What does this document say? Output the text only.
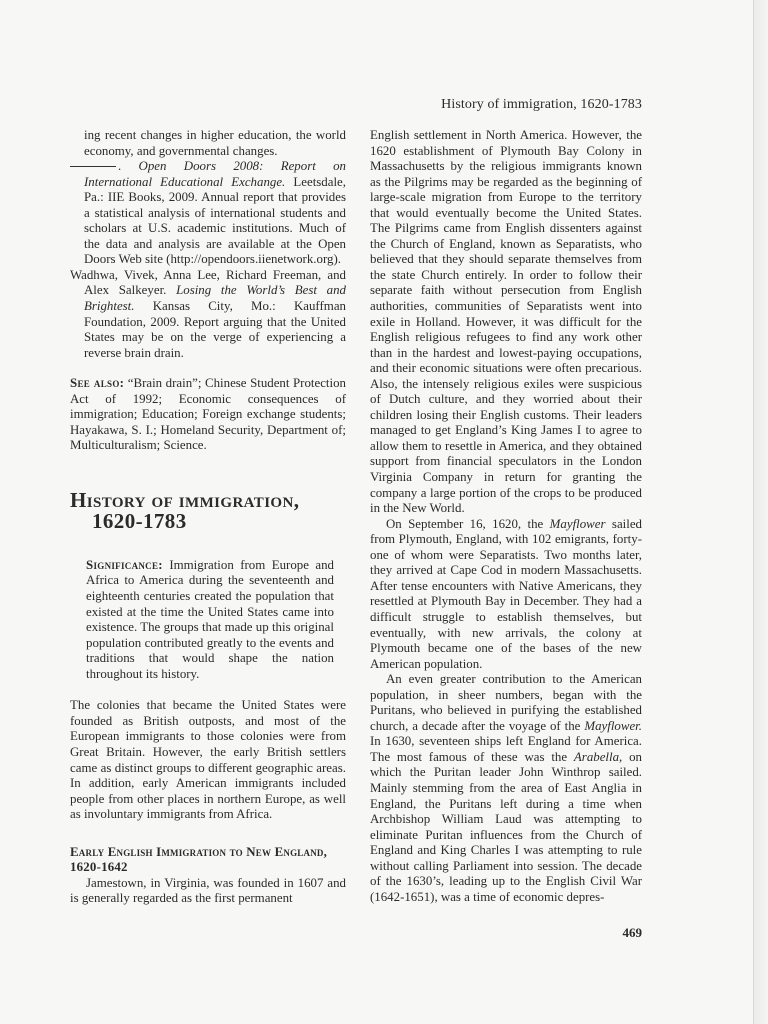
History of immigration, 1620-1783

ing recent changes in higher education, the world economy, and governmental changes.

. Open Doors 2008: Report on International Educational Exchange. Leetsdale, Pa.: IIE Books, 2009. Annual report that provides a statistical analysis of international students and scholars at U.S. academic institutions. Much of the data and analysis are available at the Open Doors Web site (http://opendoors.iienetwork.org).

Wadhwa, Vivek, Anna Lee, Richard Freeman, and Alex Salkeyer. Losing the World’s Best and Brightest. Kansas City, Mo.: Kauffman Foundation, 2009. Report arguing that the United States may be on the verge of experiencing a reverse brain drain.

See also: “Brain drain”; Chinese Student Protection Act of 1992; Economic consequences of immigration; Education; Foreign exchange students; Hayakawa, S. I.; Homeland Security, Department of; Multiculturalism; Science.

History of immigration,
1620-1783

Significance: Immigration from Europe and Africa to America during the seventeenth and eighteenth centuries created the population that existed at the time the United States came into existence. The groups that made up this original population contributed greatly to the events and traditions that would shape the nation throughout its history.

The colonies that became the United States were founded as British outposts, and most of the European immigrants to those colonies were from Great Britain. However, the early British settlers came as distinct groups to different geographic areas. In addition, early American immigrants included people from other places in northern Europe, as well as involuntary immigrants from Africa.

Early English Immigration to New England, 1620-1642

Jamestown, in Virginia, was founded in 1607 and is generally regarded as the first permanent

English settlement in North America. However, the 1620 establishment of Plymouth Bay Colony in Massachusetts by the religious immigrants known as the Pilgrims may be regarded as the beginning of large-scale migration from Europe to the territory that would eventually become the United States. The Pilgrims came from English dissenters against the Church of England, known as Separatists, who believed that they should separate themselves from the state Church entirely. In order to follow their separate faith without persecution from English authorities, communities of Separatists went into exile in Holland. However, it was difficult for the English religious refugees to find any work other than in the hardest and lowest-paying occupations, and their economic situations were often precarious. Also, the intensely religious exiles were suspicious of Dutch culture, and they worried about their children losing their English customs. Their leaders managed to get England’s King James I to agree to allow them to resettle in America, and they obtained support from financial speculators in the London Virginia Company in return for granting the company a large portion of the crops to be produced in the New World.

On September 16, 1620, the Mayflower sailed from Plymouth, England, with 102 emigrants, forty-one of whom were Separatists. Two months later, they arrived at Cape Cod in modern Massachusetts. After tense encounters with Native Americans, they resettled at Plymouth Bay in December. They had a difficult struggle to establish themselves, but eventually, with new arrivals, the colony at Plymouth became one of the bases of the new American population.

An even greater contribution to the American population, in sheer numbers, began with the Puritans, who believed in purifying the established church, a decade after the voyage of the Mayflower. In 1630, seventeen ships left England for America. The most famous of these was the Arabella, on which the Puritan leader John Winthrop sailed. Mainly stemming from the area of East Anglia in England, the Puritans left during a time when Archbishop William Laud was attempting to eliminate Puritan influences from the Church of England and King Charles I was attempting to rule without calling Parliament into session. The decade of the 1630’s, leading up to the English Civil War (1642-1651), was a time of economic depres-

469
